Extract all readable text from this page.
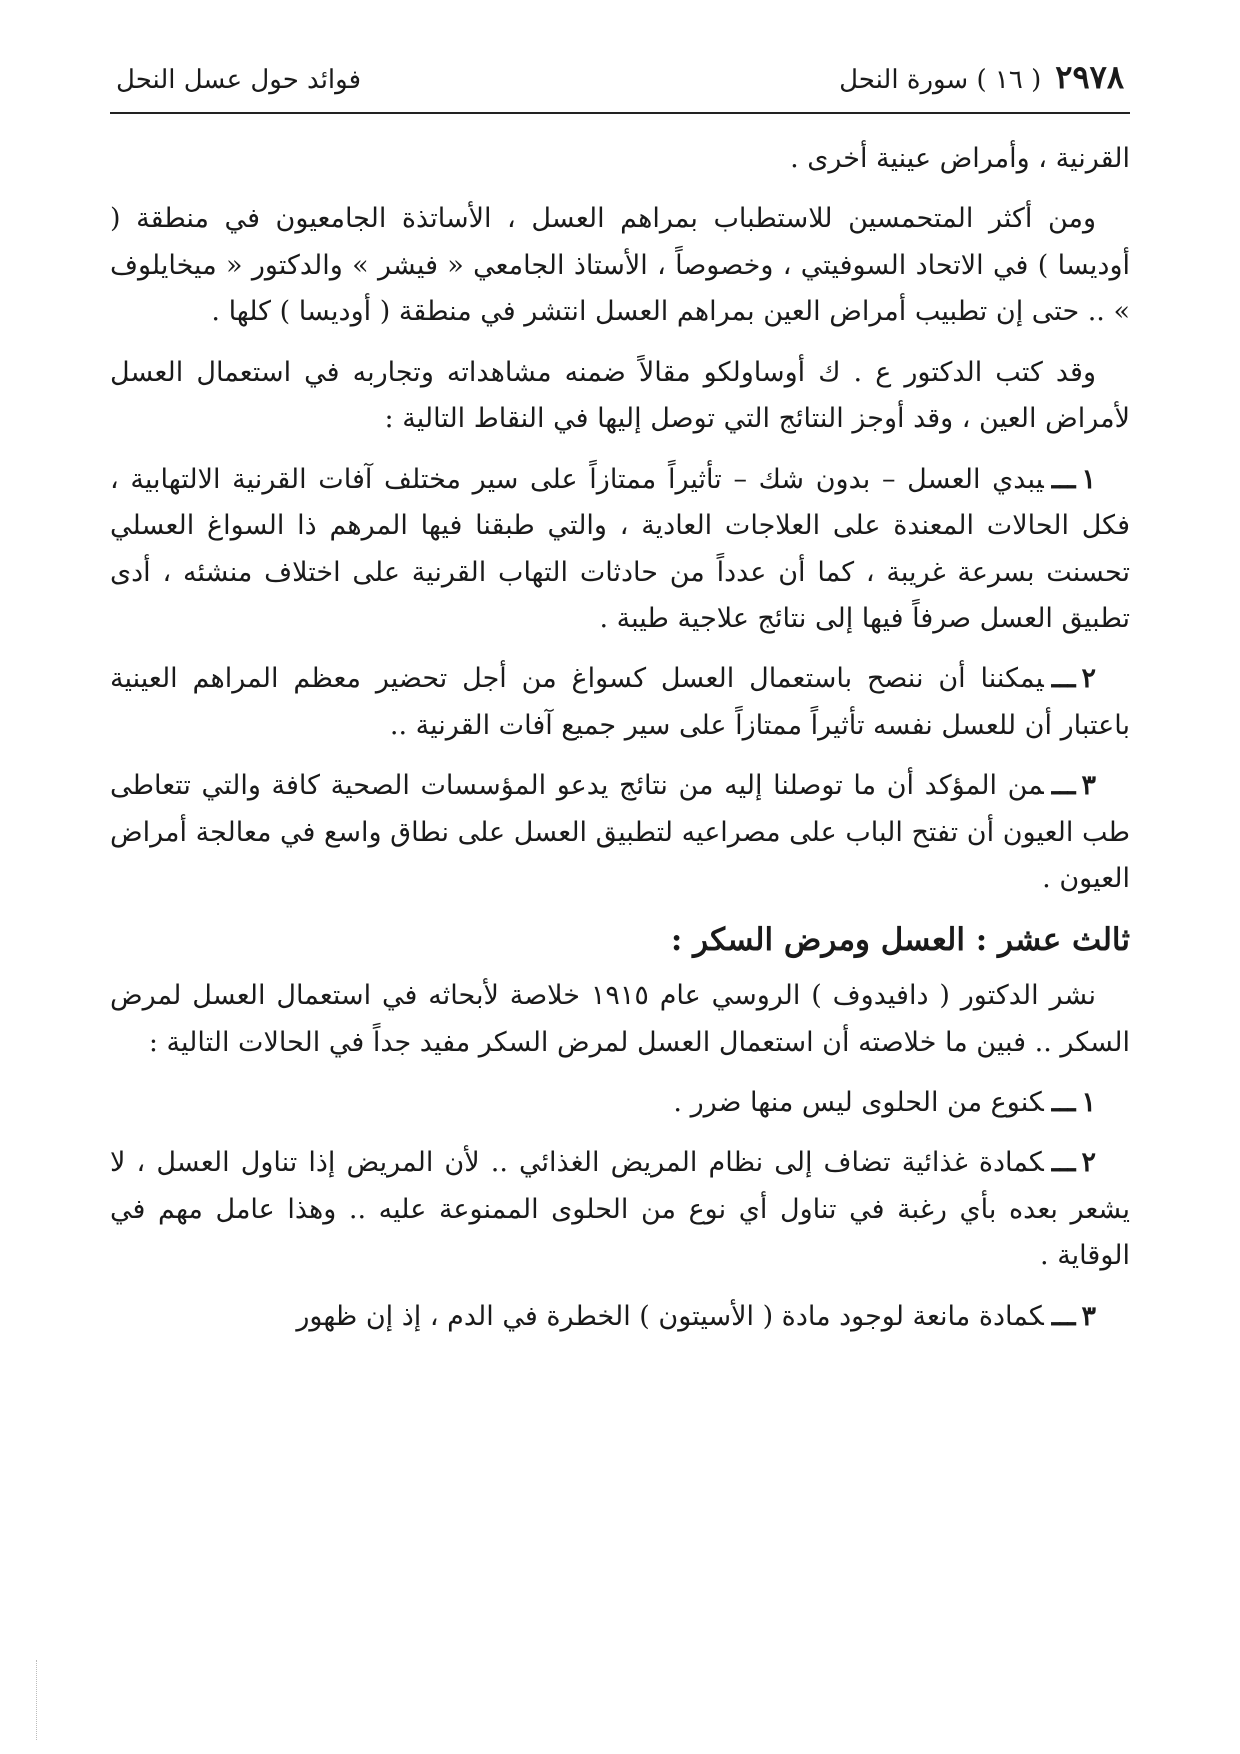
٢٩٧٨
( ١٦ ) سورة النحل
فوائد حول عسل النحل

القرنية ، وأمراض عينية أخرى .

ومن أكثر المتحمسين للاستطباب بمراهم العسل ، الأساتذة الجامعيون في منطقة ( أوديسا ) في الاتحاد السوفيتي ، وخصوصاً ، الأستاذ الجامعي « فيشر » والدكتور « ميخايلوف » .. حتى إن تطبيب أمراض العين بمراهم العسل انتشر في منطقة ( أوديسا ) كلها .

وقد كتب الدكتور ع . ك أوساولكو مقالاً ضمنه مشاهداته وتجاربه في استعمال العسل لأمراض العين ، وقد أوجز النتائج التي توصل إليها في النقاط التالية :

١ـــيبدي العسل – بدون شك – تأثيراً ممتازاً على سير مختلف آفات القرنية الالتهابية ، فكل الحالات المعندة على العلاجات العادية ، والتي طبقنا فيها المرهم ذا السواغ العسلي تحسنت بسرعة غريبة ، كما أن عدداً من حادثات التهاب القرنية على اختلاف منشئه ، أدى تطبيق العسل صرفاً فيها إلى نتائج علاجية طيبة .

٢ـــيمكننا أن ننصح باستعمال العسل كسواغ من أجل تحضير معظم المراهم العينية باعتبار أن للعسل نفسه تأثيراً ممتازاً على سير جميع آفات القرنية ..

٣ـــمن المؤكد أن ما توصلنا إليه من نتائج يدعو المؤسسات الصحية كافة والتي تتعاطى طب العيون أن تفتح الباب على مصراعيه لتطبيق العسل على نطاق واسع في معالجة أمراض العيون .

ثالث عشر : العسل ومرض السكر :

نشر الدكتور ( دافيدوف ) الروسي عام ١٩١٥ خلاصة لأبحاثه في استعمال العسل لمرض السكر .. فبين ما خلاصته أن استعمال العسل لمرض السكر مفيد جداً في الحالات التالية :

١ـــكنوع من الحلوى ليس منها ضرر .

٢ـــكمادة غذائية تضاف إلى نظام المريض الغذائي .. لأن المريض إذا تناول العسل ، لا يشعر بعده بأي رغبة في تناول أي نوع من الحلوى الممنوعة عليه .. وهذا عامل مهم في الوقاية .

٣ـــكمادة مانعة لوجود مادة ( الأسيتون ) الخطرة في الدم ، إذ إن ظهور
